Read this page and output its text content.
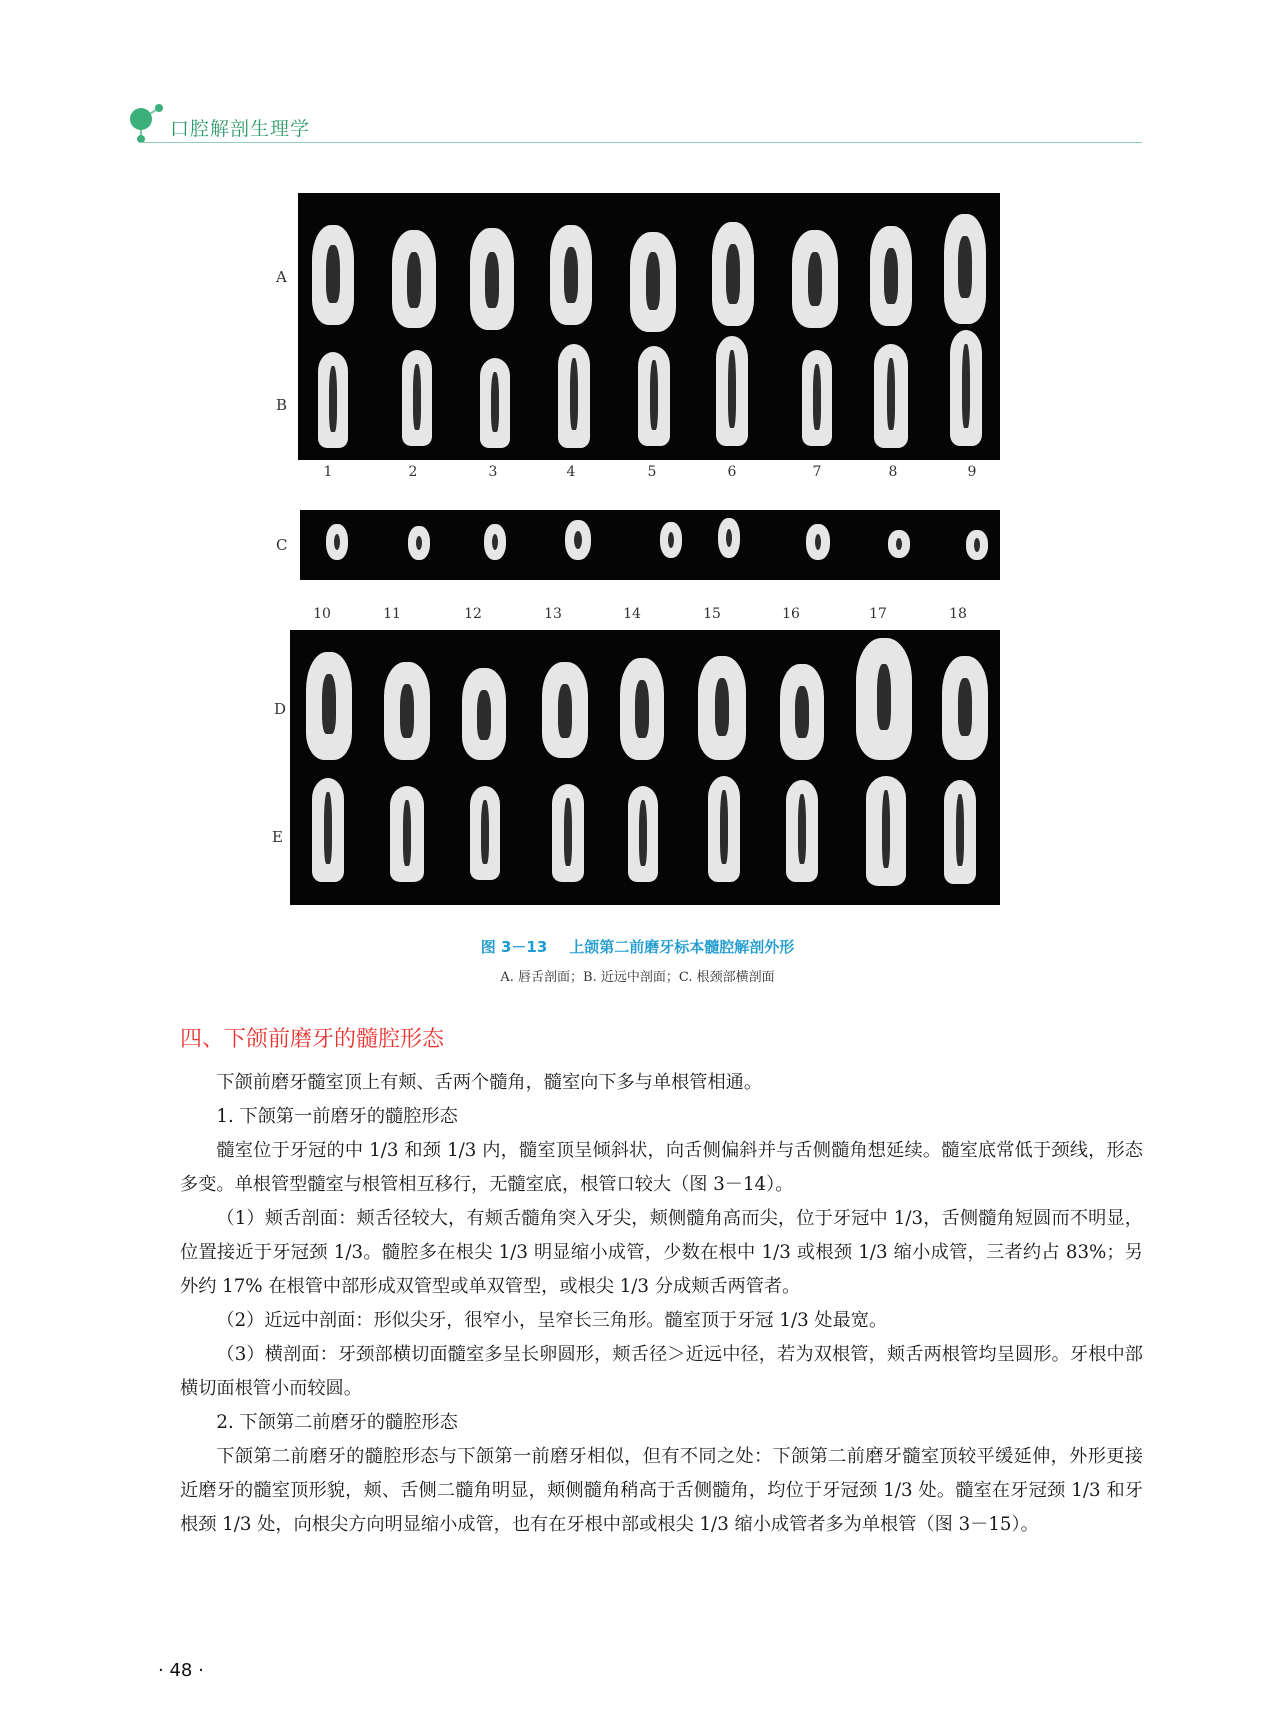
口腔解剖生理学
A
B
1	2	3	4	5	6	7	8	9
C
10	11	12	13	14	15	16	17	18
D
E
图 3－13 上颌第二前磨牙标本髓腔解剖外形
A. 唇舌剖面；B. 近远中剖面；C. 根颈部横剖面
四、下颌前磨牙的髓腔形态
下颌前磨牙髓室顶上有颊、舌两个髓角，髓室向下多与单根管相通。
1. 下颌第一前磨牙的髓腔形态
髓室位于牙冠的中 1/3 和颈 1/3 内，髓室顶呈倾斜状，向舌侧偏斜并与舌侧髓角想延续。髓室底常低于颈线，形态多变。单根管型髓室与根管相互移行，无髓室底，根管口较大（图 3－14）。
（1）颊舌剖面：颊舌径较大，有颊舌髓角突入牙尖，颊侧髓角高而尖，位于牙冠中 1/3，舌侧髓角短圆而不明显，位置接近于牙冠颈 1/3。髓腔多在根尖 1/3 明显缩小成管，少数在根中 1/3 或根颈 1/3 缩小成管，三者约占 83%；另外约 17% 在根管中部形成双管型或单双管型，或根尖 1/3 分成颊舌两管者。
（2）近远中剖面：形似尖牙，很窄小，呈窄长三角形。髓室顶于牙冠 1/3 处最宽。
（3）横剖面：牙颈部横切面髓室多呈长卵圆形，颊舌径＞近远中径，若为双根管，颊舌两根管均呈圆形。牙根中部横切面根管小而较圆。
2. 下颌第二前磨牙的髓腔形态
下颌第二前磨牙的髓腔形态与下颌第一前磨牙相似，但有不同之处：下颌第二前磨牙髓室顶较平缓延伸，外形更接近磨牙的髓室顶形貌，颊、舌侧二髓角明显，颊侧髓角稍高于舌侧髓角，均位于牙冠颈 1/3 处。髓室在牙冠颈 1/3 和牙根颈 1/3 处，向根尖方向明显缩小成管，也有在牙根中部或根尖 1/3 缩小成管者多为单根管（图 3－15）。
· 48 ·
